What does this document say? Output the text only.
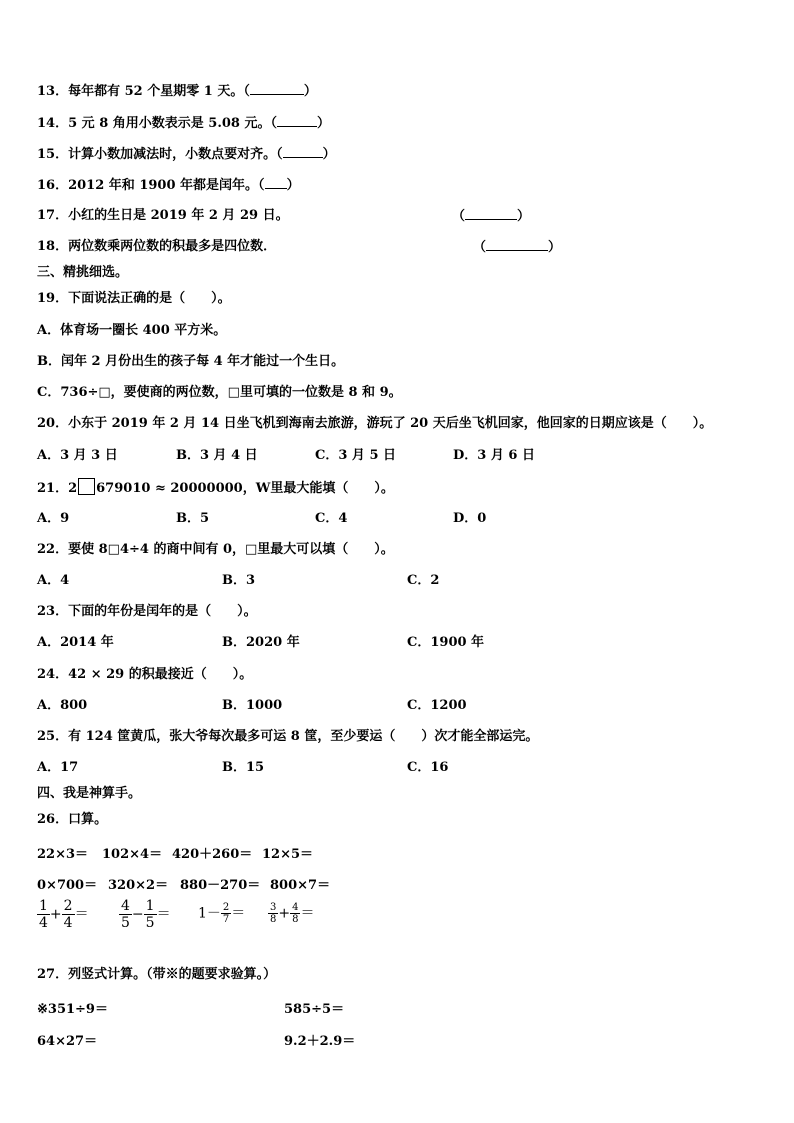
13．每年都有 52 个星期零 1 天。（	）
14．5 元 8 角用小数表示是 5.08 元。（	）
15．计算小数加减法时，小数点要对齐。（	）
16．2012 年和 1900 年都是闰年。（ ）
17．小红的生日是 2019 年 2 月 29 日。	（	）
18．两位数乘两位数的积最多是四位数．	（	）
三、精挑细选。
19．下面说法正确的是（　　）。
A．体育场一圈长 400 平方米。
B．闰年 2 月份出生的孩子每 4 年才能过一个生日。
C．736÷□，要使商的两位数，□里可填的一位数是 8 和 9。
20．小东于 2019 年 2 月 14 日坐飞机到海南去旅游，游玩了 20 天后坐飞机回家，他回家的日期应该是（　　）。
A．3 月 3 日	B．3 月 4 日	C．3 月 5 日	D．3 月 6 日
21．2 679010 ≈ 20000000，W里最大能填（　　）。
A．9	B．5	C．4	D．0
22．要使 8□4÷4 的商中间有 0，□里最大可以填（　　）。
A．4	B．3	C．2
23．下面的年份是闰年的是（　　）。
A．2014 年	B．2020 年	C．1900 年
24．42 × 29 的积最接近（　　）。
A．800	B．1000	C．1200
25．有 124 筐黄瓜，张大爷每次最多可运 8 筐，至少要运（　　）次才能全部运完。
A．17	B．15	C．16
四、我是神算手。
26．口算。
22×3＝ 102×4＝ 420＋260＝ 12×5＝
0×700＝ 320×2＝ 880－270＝ 800×7＝
$\frac{1}{4} + \frac{2}{4} = \frac{4}{5} - \frac{1}{5} = 1- \frac{2}{7} = \frac{3}{8} + \frac{4}{8}$ ＝
27．列竖式计算。（带※的题要求验算。）
※351÷9＝	585÷5＝
64×27＝	9.2＋2.9＝
